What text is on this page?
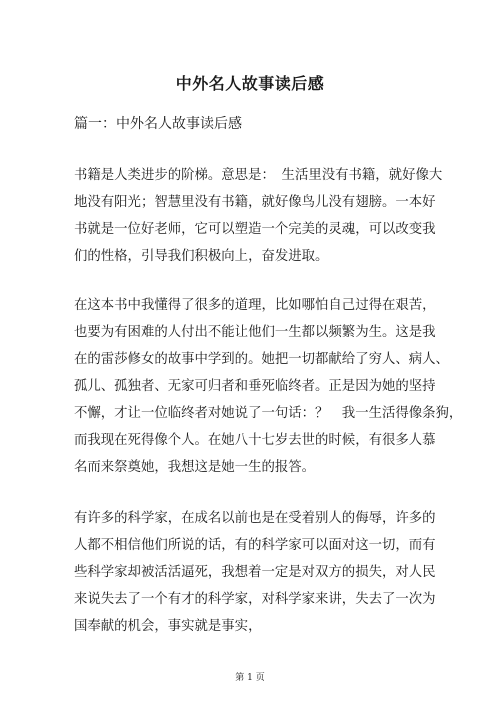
中外名人故事读后感
篇一：中外名人故事读后感
书籍是人类进步的阶梯。意思是：　生活里没有书籍，就好像大
地没有阳光；智慧里没有书籍，就好像鸟儿没有翅膀。一本好
书就是一位好老师，它可以塑造一个完美的灵魂，可以改变我
们的性格，引导我们积极向上，奋发进取。
在这本书中我懂得了很多的道理，比如哪怕自己过得在艰苦，
也要为有困难的人付出不能让他们一生都以频繁为生。这是我
在的雷莎修女的故事中学到的。她把一切都献给了穷人、病人、
孤儿、孤独者、无家可归者和垂死临终者。正是因为她的坚持
不懈，才让一位临终者对她说了一句话：？　我一生活得像条狗，
而我现在死得像个人。在她八十七岁去世的时候，有很多人慕
名而来祭奠她，我想这是她一生的报答。
有许多的科学家，在成名以前也是在受着别人的侮辱，许多的
人都不相信他们所说的话，有的科学家可以面对这一切，而有
些科学家却被活活逼死，我想着一定是对双方的损失，对人民
来说失去了一个有才的科学家，对科学家来讲，失去了一次为
国奉献的机会，事实就是事实，
第 1 页
